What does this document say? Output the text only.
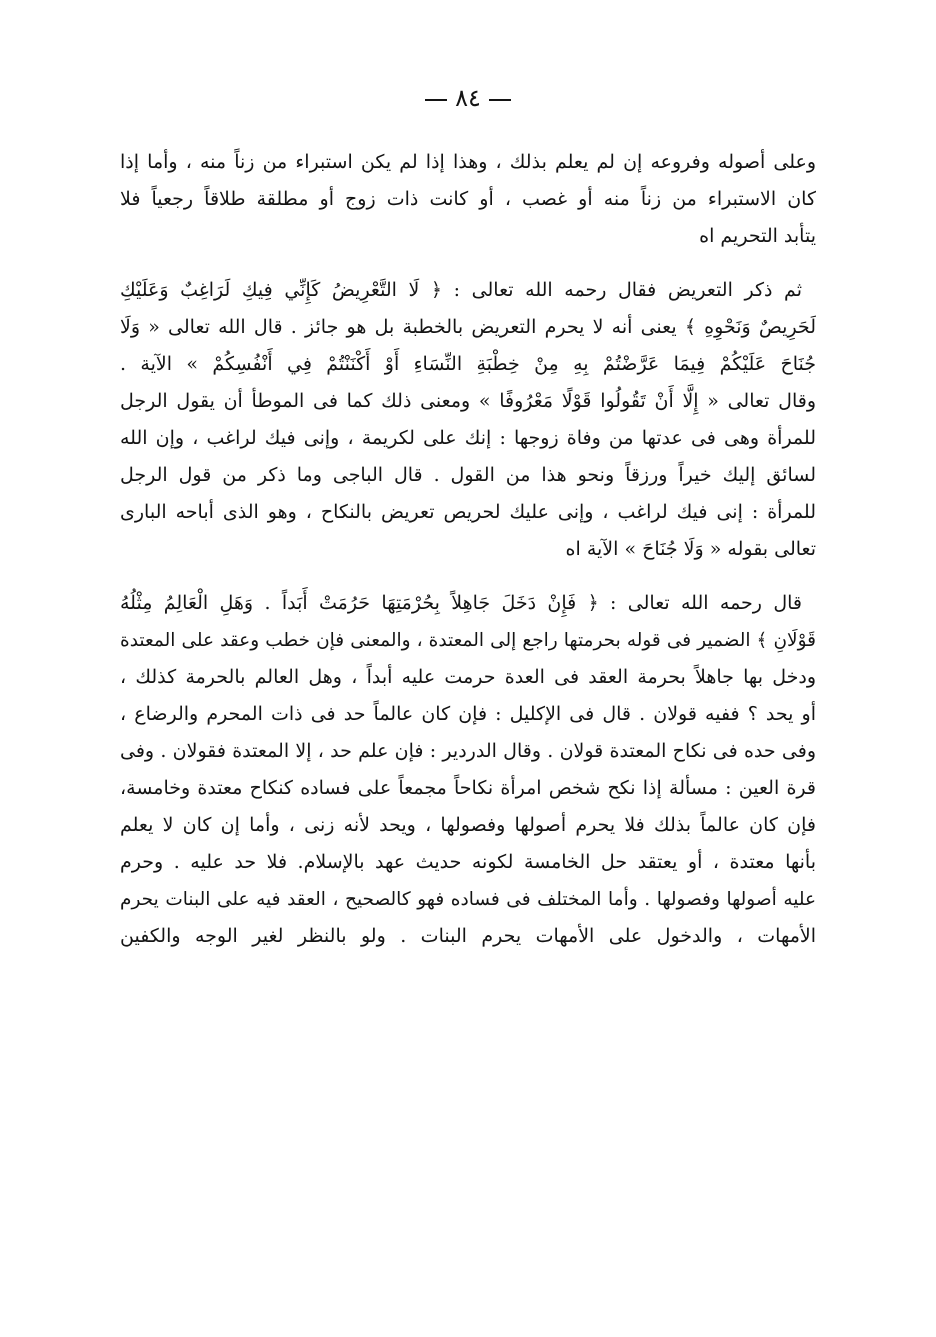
٨٤
وعلى أصوله وفروعه إن لم يعلم بذلك ، وهذا إذا لم يكن استبراء من زناً منه ، وأما إذا
كان الاستبراء من زناً منه أو غصب ، أو كانت ذات زوج أو مطلقة طلاقاً رجعياً فلا
يتأبد التحريم اه
ثم ذكر التعريض فقال رحمه الله تعالى : ﴿ لَا التَّعْرِيضُ كَإِنِّي فِيكِ لَرَاغِبٌ وَعَلَيْكِ
لَحَرِيصٌ وَنَحْوِهِ ﴾ يعنى أنه لا يحرم التعريض بالخطبة بل هو جائز . قال الله تعالى « وَلَا
جُنَاحَ عَلَيْكُمْ فِيمَا عَرَّضْتُمْ بِهِ مِنْ خِطْبَةِ النِّسَاءِ أَوْ أَكْنَنْتُمْ فِي أَنْفُسِكُمْ » الآية .
وقال تعالى « إِلَّا أَنْ تَقُولُوا قَوْلًا مَعْرُوفًا » ومعنى ذلك كما فى الموطأ أن يقول الرجل
للمرأة وهى فى عدتها من وفاة زوجها : إنك على لكريمة ، وإنى فيك لراغب ، وإن الله
لسائق إليك خيراً ورزقاً ونحو هذا من القول . قال الباجى وما ذكر من قول الرجل
للمرأة : إنى فيك لراغب ، وإنى عليك لحريص تعريض بالنكاح ، وهو الذى أباحه البارى
تعالى بقوله « وَلَا جُنَاحَ » الآية اه
قال رحمه الله تعالى : ﴿ فَإِنْ دَخَلَ جَاهِلاً بِحُرْمَتِهَا حَرُمَتْ أَبَداً . وَهَلِ الْعَالِمُ مِثْلُهُ
قَوْلَانِ ﴾ الضمير فى قوله بحرمتها راجع إلى المعتدة ، والمعنى فإن خطب وعقد على المعتدة
ودخل بها جاهلاً بحرمة العقد فى العدة حرمت عليه أبداً ، وهل العالم بالحرمة كذلك ،
أو يحد ؟ ففيه قولان . قال فى الإكليل : فإن كان عالماً حد فى ذات المحرم والرضاع ،
وفى حده فى نكاح المعتدة قولان . وقال الدردير : فإن علم حد ، إلا المعتدة فقولان . وفى
قرة العين : مسألة إذا نكح شخص امرأة نكاحاً مجمعاً على فساده كنكاح معتدة وخامسة،
فإن كان عالماً بذلك فلا يحرم أصولها وفصولها ، ويحد لأنه زنى ، وأما إن كان لا يعلم
بأنها معتدة ، أو يعتقد حل الخامسة لكونه حديث عهد بالإسلام. فلا حد عليه . وحرم
عليه أصولها وفصولها . وأما المختلف فى فساده فهو كالصحيح ، العقد فيه على البنات يحرم
الأمهات ، والدخول على الأمهات يحرم البنات . ولو بالنظر لغير الوجه والكفين
